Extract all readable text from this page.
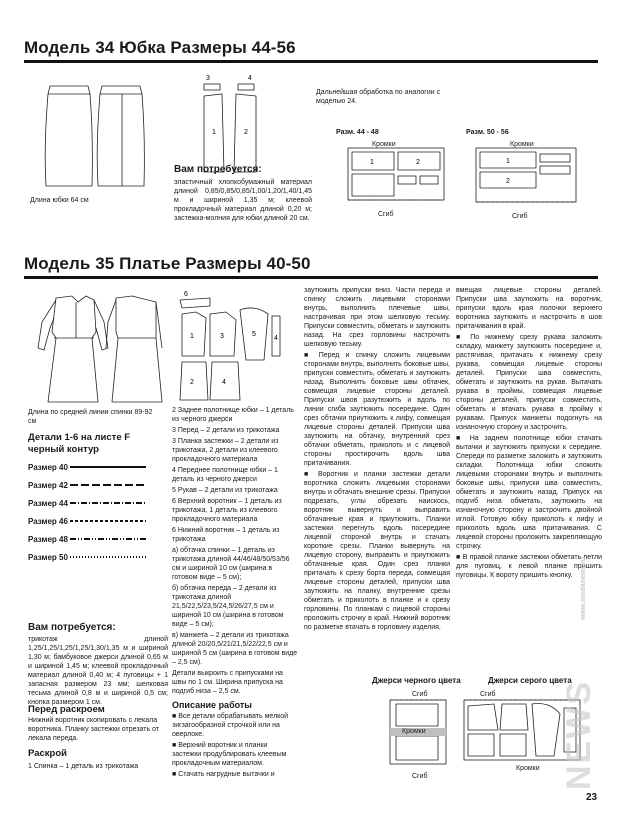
Модель 34 Юбка Размеры 44-56
Длина юбки 64 см
3	4
1	2
Дальнейшая обработка по аналогии с моделью 24.
Вам потребуется:
эластичный хлопкобумажный материал длиной 0,85/0,85/0,85/1,00/1,20/1,40/1,45 м и шириной 1,35 м; клеевой прокладочный материал длиной 0,20 м; застежка-молния для юбки длиной 20 см.
Разм. 44 - 48
Кромки
1	2
Сгиб
Разм. 50 - 56
Кромки
1
2
Сгиб
Модель 35 Платье Размеры 40-50
Длина по средней линии спинки 89-92 см
Детали 1-6 на листе F черный контур
Размер 40
Размер 42
Размер 44
Размер 46
Размер 48
Размер 50
Вам потребуется:
трикотаж длиной 1,25/1,25/1,25/1,25/1,30/1,35 м и шириной 1,30 м; бамбуковое джерси длиной 0,65 м и шириной 1,45 м; клеевой прокладочный материал длиной 0,40 м; 4 пуговицы + 1 запасная размером 23 мм; шелковая тесьма длиной 0,8 м и шириной 0,5 см; кнопка размером 1 см.
Перед раскроем
Нижний воротник скопировать с лекала воротника. Планку застежки отрезать от лекала переда.
Раскрой
1 Спинка – 1 деталь из трикотажа
6
1	3	5
4
2	4

2 Заднее полотнище юбки – 1 деталь из черного джерси

3 Перед – 2 детали из трикотажа

3 Планка застежки – 2 детали из трикотажа, 2 детали из клеевого прокладочного материала

4 Переднее полотнище юбки – 1 деталь из черного джерси

5 Рукав – 2 детали из трикотажа

6 Верхний воротник – 1 деталь из трикотажа, 1 деталь из клеевого прокладочного материала

6 Нижний воротник – 1 деталь из трикотажа

а) обтачка спинки – 1 деталь из трикотажа длиной 44/46/48/50/53/56 см и шириной 10 см (ширина в готовом виде – 5 см);

б) обтачка переда – 2 детали из трикотажа длиной 21,5/22,5/23,5/24,5/26/27,5 см и шириной 10 см (ширина в готовом виде – 5 см);

в) манжета – 2 детали из трикотажа длиной 20/20,5/21/21,5/22/22,5 см и шириной 5 см (ширина в готовом виде – 2,5 см).

Детали выкроить с припусками на швы по 1 см. Ширина припуска на подгиб низа – 2,5 см.

Описание работы

■ Все детали обрабатывать мелкой зигзагообразной строчкой или на оверлоке.

■ Верхний воротник и планки застежки продублировать клеевым прокладочным материалом.

■ Стачать нагрудные вытачки и

заутюжить припуски вниз. Части переда и спинку сложить лицевыми сторонами внутрь, выполнить плечевые швы, настрачивая при этом шелковую тесьму. Припуски совместить, обметать и заутюжить назад. На срез горловины настрочить шелковую тесьму.

■ Перед и спинку сложить лицевыми сторонами внутрь, выполнить боковые швы, припуски совместить, обметать и заутюжить назад. Выполнить боковые швы обтачек, совмещая лицевые стороны деталей. Припуски швов разутюжить и вдоль по линии сгиба заутюжить посередине. Один срез обтачки приутюжить к лифу, совмещая лицевые стороны деталей. Припуски шва заутюжить на обтачку, внутренний срез обтачки обметать, приколоть и с лицевой стороны простирочить вдоль шва притачивания.

■ Воротник и планки застежки детали воротника сложить лицевыми сторонами внутрь и обтачать внешние срезы. Припуски подрезать, углы обрезать наискось, воротник вывернуть и выправить обтачанные края и приутюжить. Планки застежки перегнуть вдоль посередине лицевой стороной внутрь и стачать короткие срезы. Планки вывернуть на лицевую сторону, выправить и приутюжить обтачанные края. Один срез планки притачать к срезу борта переда, совмещая лицевые стороны деталей, припуски шва заутюжить на планку, внутренние срезы обметать и приколоть в планке и к срезу горловины. По планкам с лицевой стороны проложить строчку в край. Нижний воротник по разметке втачать в горловину изделия,

вмещая лицевые стороны деталей. Припуски шва заутюжить на воротник, припуски вдоль края полочки верхнего воротника заутюжить и настрочить в шов притачивания в край.

■ По нижнему срезу рукава заложить складку, манжету заутюжить посередине и, растягивая, притачать к нижнему срезу рукава, совмещая лицевые стороны деталей. Припуски шва совместить, обметать и заутюжить на рукав. Вытачать рукава в проймы, совмещая лицевые стороны деталей, припуски совместить, обметать и втачать рукава в пройму к рукавам. Припуск манжеты подогнуть на изнаночную сторону и застрочить.

■ На заднем полотнище юбки стачать вытачки и заутюжить припуски к середине. Спереди по разметке заложить и заутюжить складки. Полотнища юбки сложить лицевыми сторонами внутрь и выполнить боковые швы, припуски шва совместить, обметать и заутюжить назад. Припуск на подгиб низа обметать, заутюжить на изнаночную сторону и застрочить двойной иглой. Готовую юбку приколоть к лифу и приколоть вдоль шва притачивания. С лицевой стороны проложить закрепляющую строчку.

■ В правой планке застежки обметать петли для пуговиц, к левой планке пришить пуговицы. К вороту пришить кнопку.

Джерси черного цвета
Сгиб
Кромки
Сгиб
Джерси серого цвета
Сгиб
Кромки
www.modanews.ru
NEWS
23
